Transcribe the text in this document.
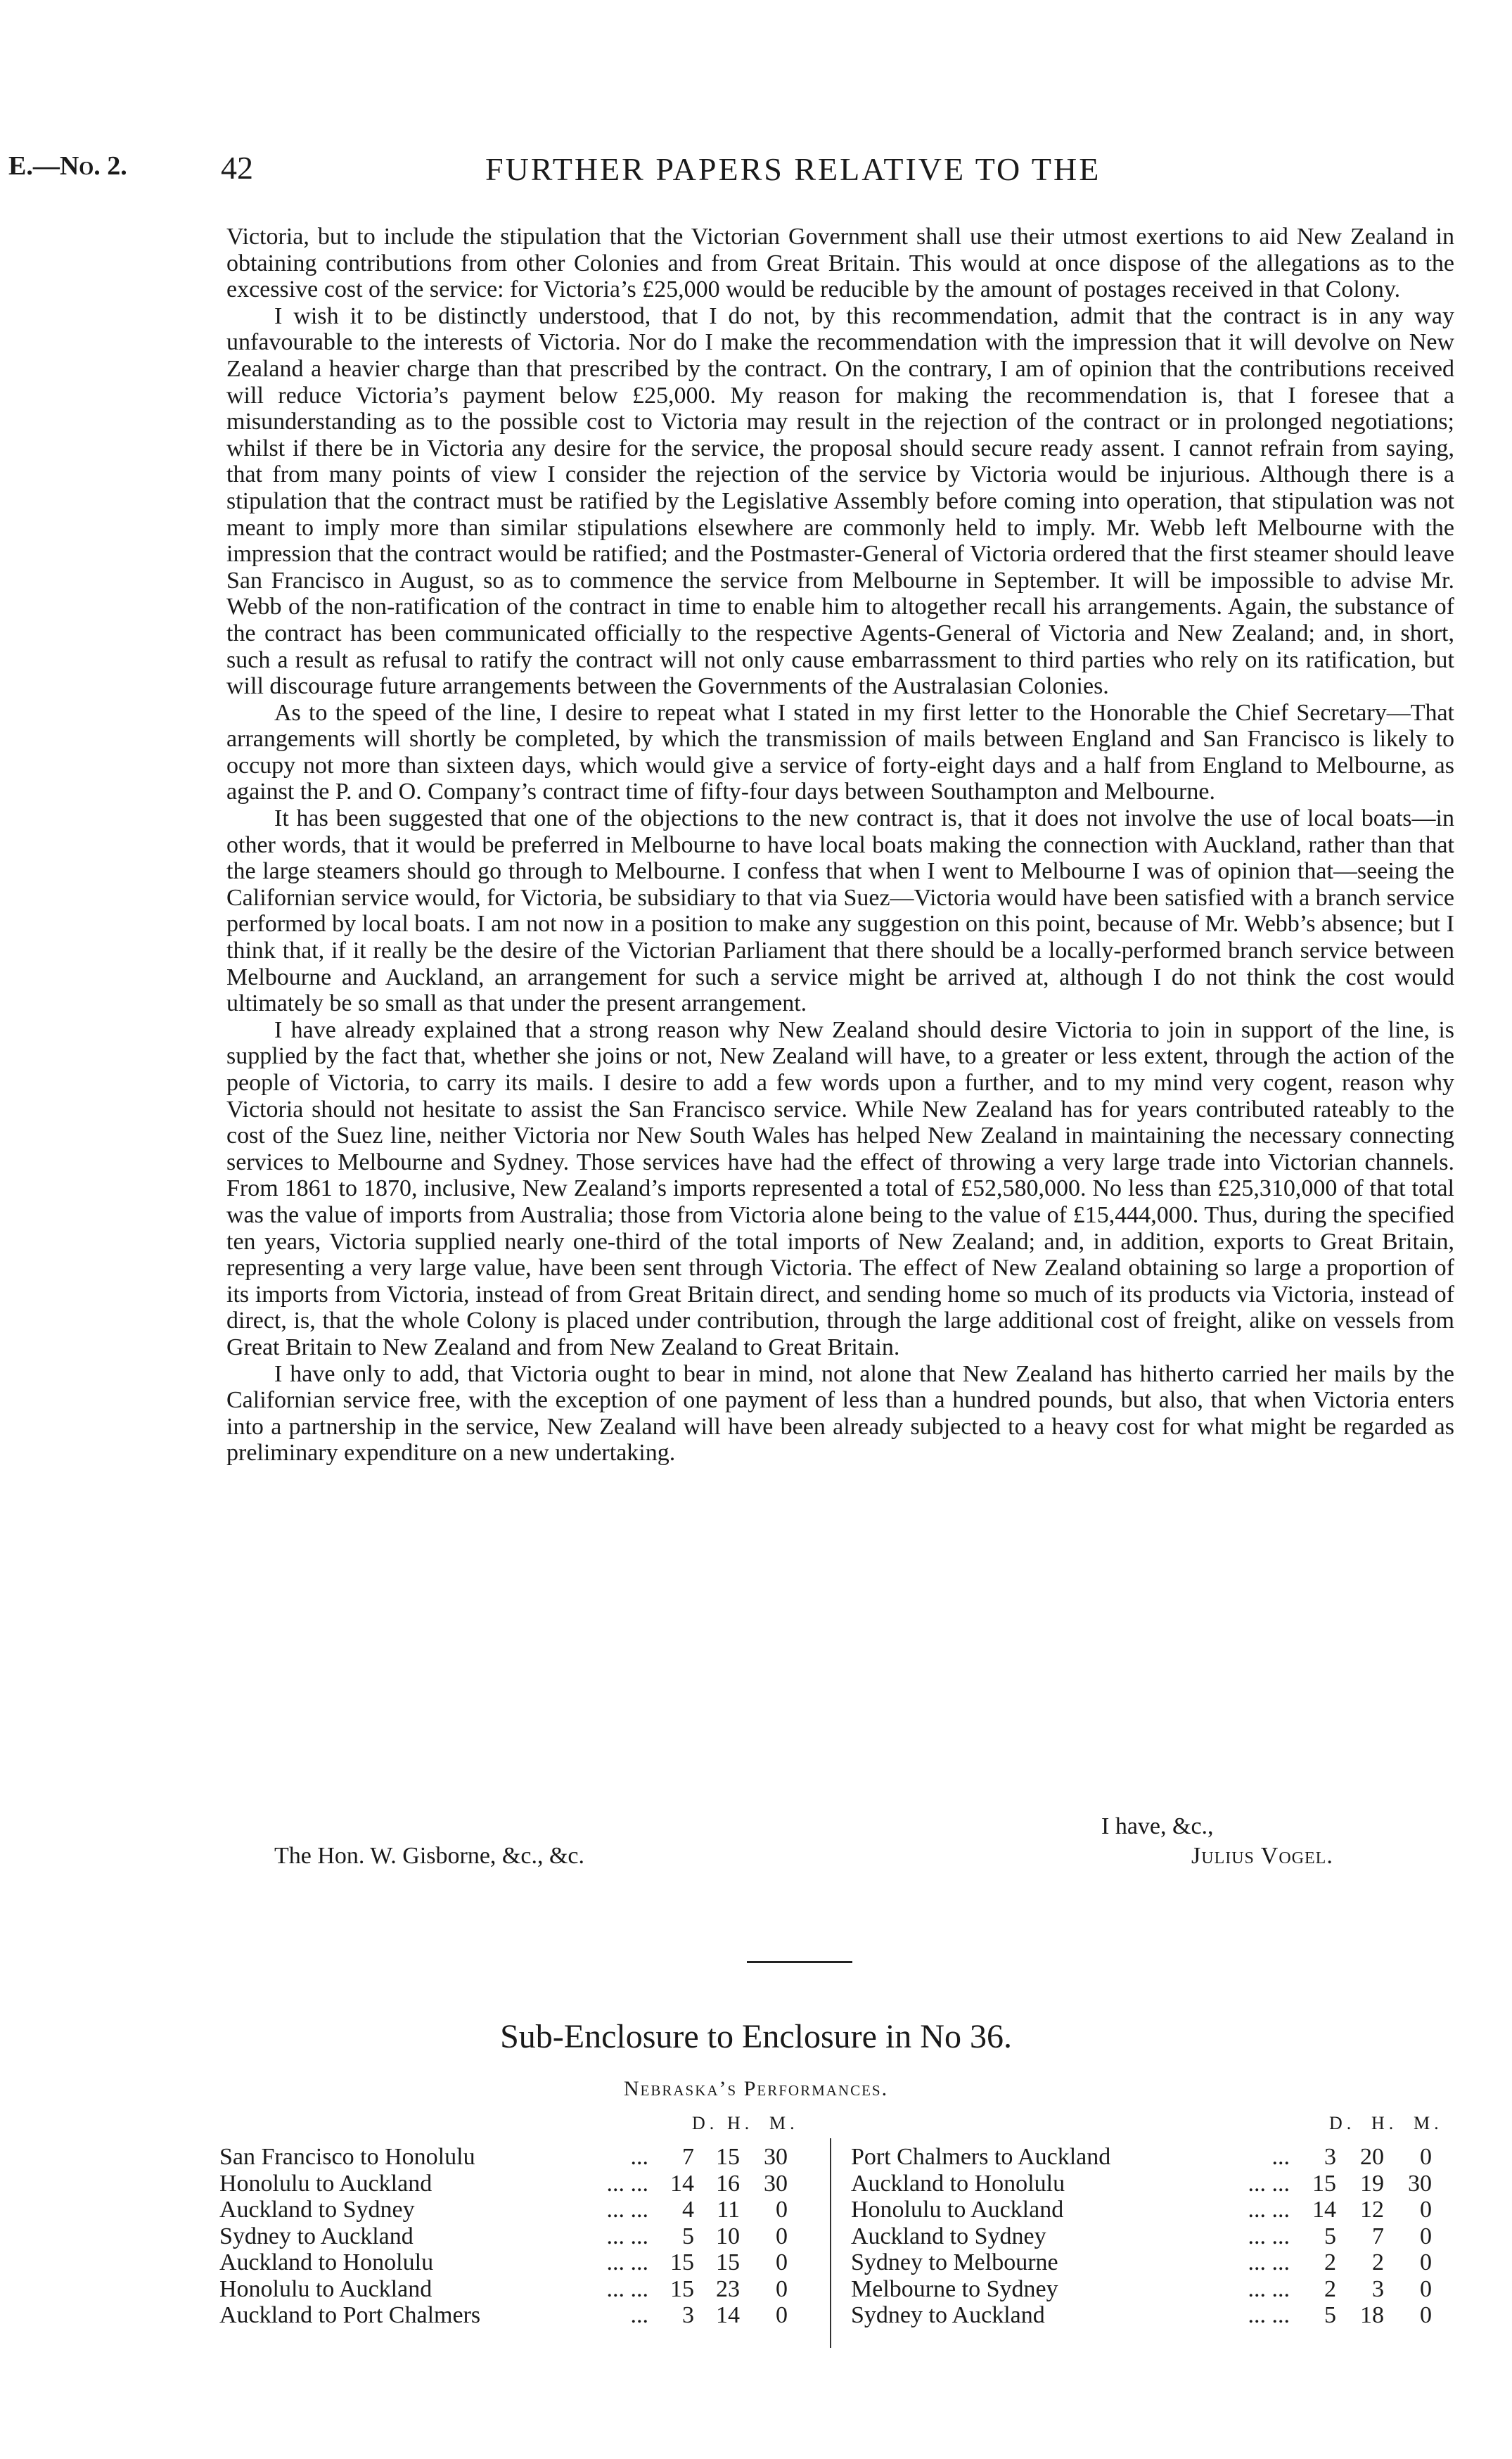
E.—No. 2.	42	FURTHER PAPERS RELATIVE TO THE

Victoria, but to include the stipulation that the Victorian Government shall use their utmost exertions to aid New Zealand in obtaining contributions from other Colonies and from Great Britain. This would at once dispose of the allegations as to the excessive cost of the service: for Victoria’s £25,000 would be reducible by the amount of postages received in that Colony.

I wish it to be distinctly understood, that I do not, by this recommendation, admit that the contract is in any way unfavourable to the interests of Victoria. Nor do I make the recommendation with the impression that it will devolve on New Zealand a heavier charge than that prescribed by the contract. On the contrary, I am of opinion that the contributions received will reduce Victoria’s payment below £25,000. My reason for making the recommendation is, that I foresee that a misunderstanding as to the possible cost to Victoria may result in the rejection of the contract or in prolonged negotiations; whilst if there be in Victoria any desire for the service, the proposal should secure ready assent. I cannot refrain from saying, that from many points of view I consider the rejection of the service by Victoria would be injurious. Although there is a stipulation that the contract must be ratified by the Legislative Assembly before coming into operation, that stipulation was not meant to imply more than similar stipulations elsewhere are commonly held to imply. Mr. Webb left Melbourne with the impression that the contract would be ratified; and the Postmaster-General of Victoria ordered that the first steamer should leave San Francisco in August, so as to commence the service from Melbourne in September. It will be impossible to advise Mr. Webb of the non-ratification of the contract in time to enable him to altogether recall his arrangements. Again, the substance of the contract has been communicated officially to the respective Agents-General of Victoria and New Zealand; and, in short, such a result as refusal to ratify the contract will not only cause embarrassment to third parties who rely on its ratification, but will discourage future arrangements between the Governments of the Australasian Colonies.

As to the speed of the line, I desire to repeat what I stated in my first letter to the Honorable the Chief Secretary—That arrangements will shortly be completed, by which the transmission of mails between England and San Francisco is likely to occupy not more than sixteen days, which would give a service of forty-eight days and a half from England to Melbourne, as against the P. and O. Company’s contract time of fifty-four days between Southampton and Melbourne.

It has been suggested that one of the objections to the new contract is, that it does not involve the use of local boats—in other words, that it would be preferred in Melbourne to have local boats making the connection with Auckland, rather than that the large steamers should go through to Melbourne. I confess that when I went to Melbourne I was of opinion that—seeing the Californian service would, for Victoria, be subsidiary to that via Suez—Victoria would have been satisfied with a branch service performed by local boats. I am not now in a position to make any suggestion on this point, because of Mr. Webb’s absence; but I think that, if it really be the desire of the Victorian Parliament that there should be a locally-performed branch service between Melbourne and Auckland, an arrangement for such a service might be arrived at, although I do not think the cost would ultimately be so small as that under the present arrangement.

I have already explained that a strong reason why New Zealand should desire Victoria to join in support of the line, is supplied by the fact that, whether she joins or not, New Zealand will have, to a greater or less extent, through the action of the people of Victoria, to carry its mails. I desire to add a few words upon a further, and to my mind very cogent, reason why Victoria should not hesitate to assist the San Francisco service. While New Zealand has for years contributed rateably to the cost of the Suez line, neither Victoria nor New South Wales has helped New Zealand in maintaining the necessary connecting services to Melbourne and Sydney. Those services have had the effect of throwing a very large trade into Victorian channels. From 1861 to 1870, inclusive, New Zealand’s imports represented a total of £52,580,000. No less than £25,310,000 of that total was the value of imports from Australia; those from Victoria alone being to the value of £15,444,000. Thus, during the specified ten years, Victoria supplied nearly one-third of the total imports of New Zealand; and, in addition, exports to Great Britain, representing a very large value, have been sent through Victoria. The effect of New Zealand obtaining so large a proportion of its imports from Victoria, instead of from Great Britain direct, and sending home so much of its products via Victoria, instead of direct, is, that the whole Colony is placed under contribution, through the large additional cost of freight, alike on vessels from Great Britain to New Zealand and from New Zealand to Great Britain.

I have only to add, that Victoria ought to bear in mind, not alone that New Zealand has hitherto carried her mails by the Californian service free, with the exception of one payment of less than a hundred pounds, but also, that when Victoria enters into a partnership in the service, New Zealand will have been already subjected to a heavy cost for what might be regarded as preliminary expenditure on a new undertaking.

I have, &c.,
The Hon. W. Gisborne, &c., &c.	Julius Vogel.
Sub-Enclosure to Enclosure in No 36.
Nebraska’s Performances.
D. H. M.
San Francisco to Honolulu	... 7 15 30
Honolulu to Auckland	... ... 14 16 30
Auckland to Sydney	... ... 4 11 0
Sydney to Auckland	... ... 5 10 0
Auckland to Honolulu	... ... 15 15 0
Honolulu to Auckland	... ... 15 23 0
Auckland to Port Chalmers	... 3 14 0
D. H. M.
Port Chalmers to Auckland	... 3 20 0
Auckland to Honolulu	... ... 15 19 30
Honolulu to Auckland	... ... 14 12 0
Auckland to Sydney	... ... 5 7 0
Sydney to Melbourne	... ... 2 2 0
Melbourne to Sydney	... ... 2 3 0
Sydney to Auckland	... ... 5 18 0
